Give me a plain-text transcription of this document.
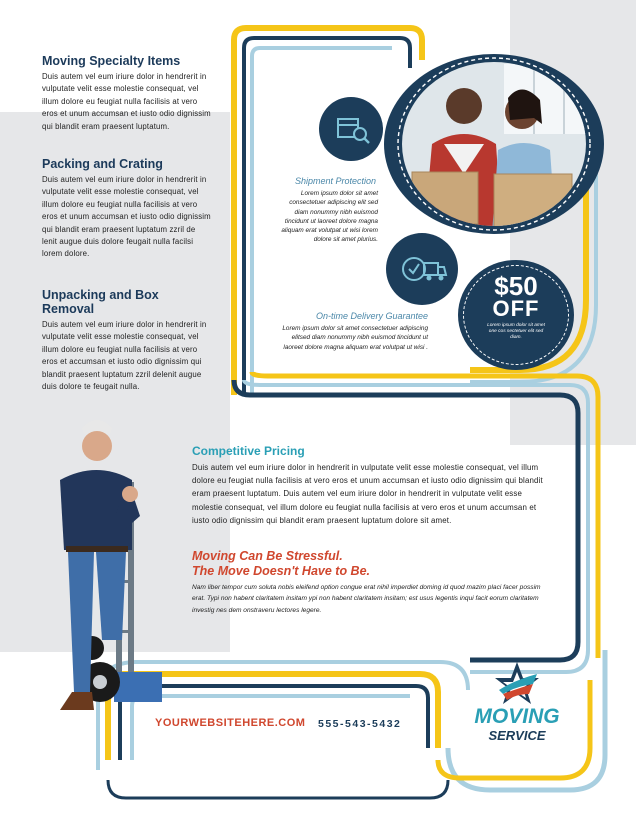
Moving Specialty Items

Duis autem vel eum iriure dolor in hendrerit in vulputate velit esse molestie consequat, vel illum dolore eu feugiat nulla facilisis at vero eros et unum accumsan et iusto odio dignissim qui blandit eram praesent luptatum.

Packing and Crating

Duis autem vel eum iriure dolor in hendrerit in vulputate velit esse molestie consequat, vel illum dolore eu feugiat nulla facilisis at vero eros et unum accumsan et iusto odio dignissim qui blandit eram praesent luptatum zzril de lenit augue duis dolore feugait nulla facilsi lorem dolore.

Unpacking and Box Removal

Duis autem vel eum iriure dolor in hendrerit in vulputate velit esse molestie consequat, vel illum dolore eu feugiat nulla facilisis at vero eros et accumsan et iusto odio dignissim qui blandit praesent luptatum zzril delenit augue duis dolore te feugait nulla.

Shipment Protection
Lorem ipsum dolor sit amet consectetuer adipiscing elit sed diam nonummy nibh euismod tincidunt ut laoreet dolore magna aliquam erat volutpat ut wisi lorem dolore sit amet plurius.
On-time Delivery Guarantee
Lorem ipsum dolor sit amet consectetuer adipiscing elitsed diam nonummy nibh euismod tincidunt ut laoreet dolore magna aliquam erat volutpat ut wisi .
$50
OFF
Lorem ipsum dolor sit amet one cos sectetuer elit sed diam.
Competitive Pricing

Duis autem vel eum iriure dolor in hendrerit in vulputate velit esse molestie consequat, vel illum dolore eu feugiat nulla facilisis at vero eros et unum accumsan et iusto odio dignissim qui blandit eram praesent luptatum. Duis autem vel eum iriure dolor in hendrerit in vulputate velit esse molestie consequat, vel illum dolore eu feugiat nulla facilisis at vero eros et unum accumsan et iusto odio dignissim qui blandit eram praesent luptatum dolore sit amet.

Moving Can Be Stressful.
The Move Doesn't Have to Be.

Nam liber tempor cum soluta nobis eleifend option congue erat nihil imperdiet doming id quod mazim placi facer possim erat. Typi non habent claritatem insitam ypi non habent claritatem insitam; est usus legentis inqui facit eorum claritatem investig nes dem onstraveru lectores legere.

YOURWEBSITEHERE.COM 555-543-5432	MOVING
SERVICE
